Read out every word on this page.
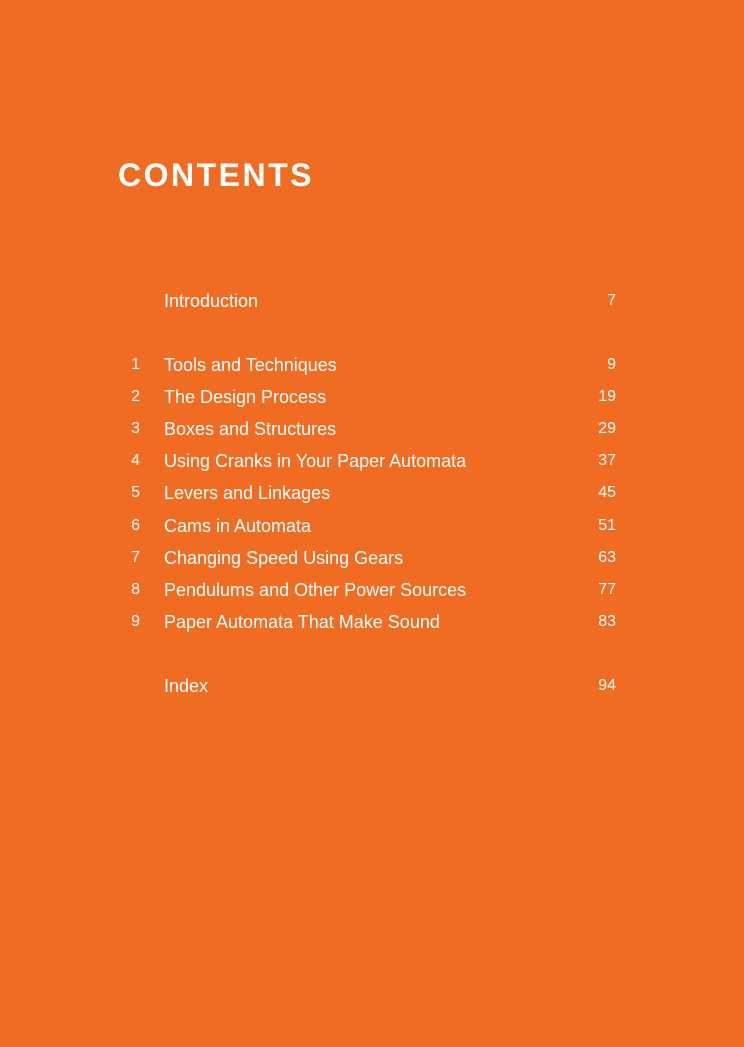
CONTENTS
Introduction	7
1 Tools and Techniques	9
2 The Design Process	19
3 Boxes and Structures	29
4 Using Cranks in Your Paper Automata	37
5 Levers and Linkages	45
6 Cams in Automata	51
7 Changing Speed Using Gears	63
8 Pendulums and Other Power Sources	77
9 Paper Automata That Make Sound	83
Index	94
